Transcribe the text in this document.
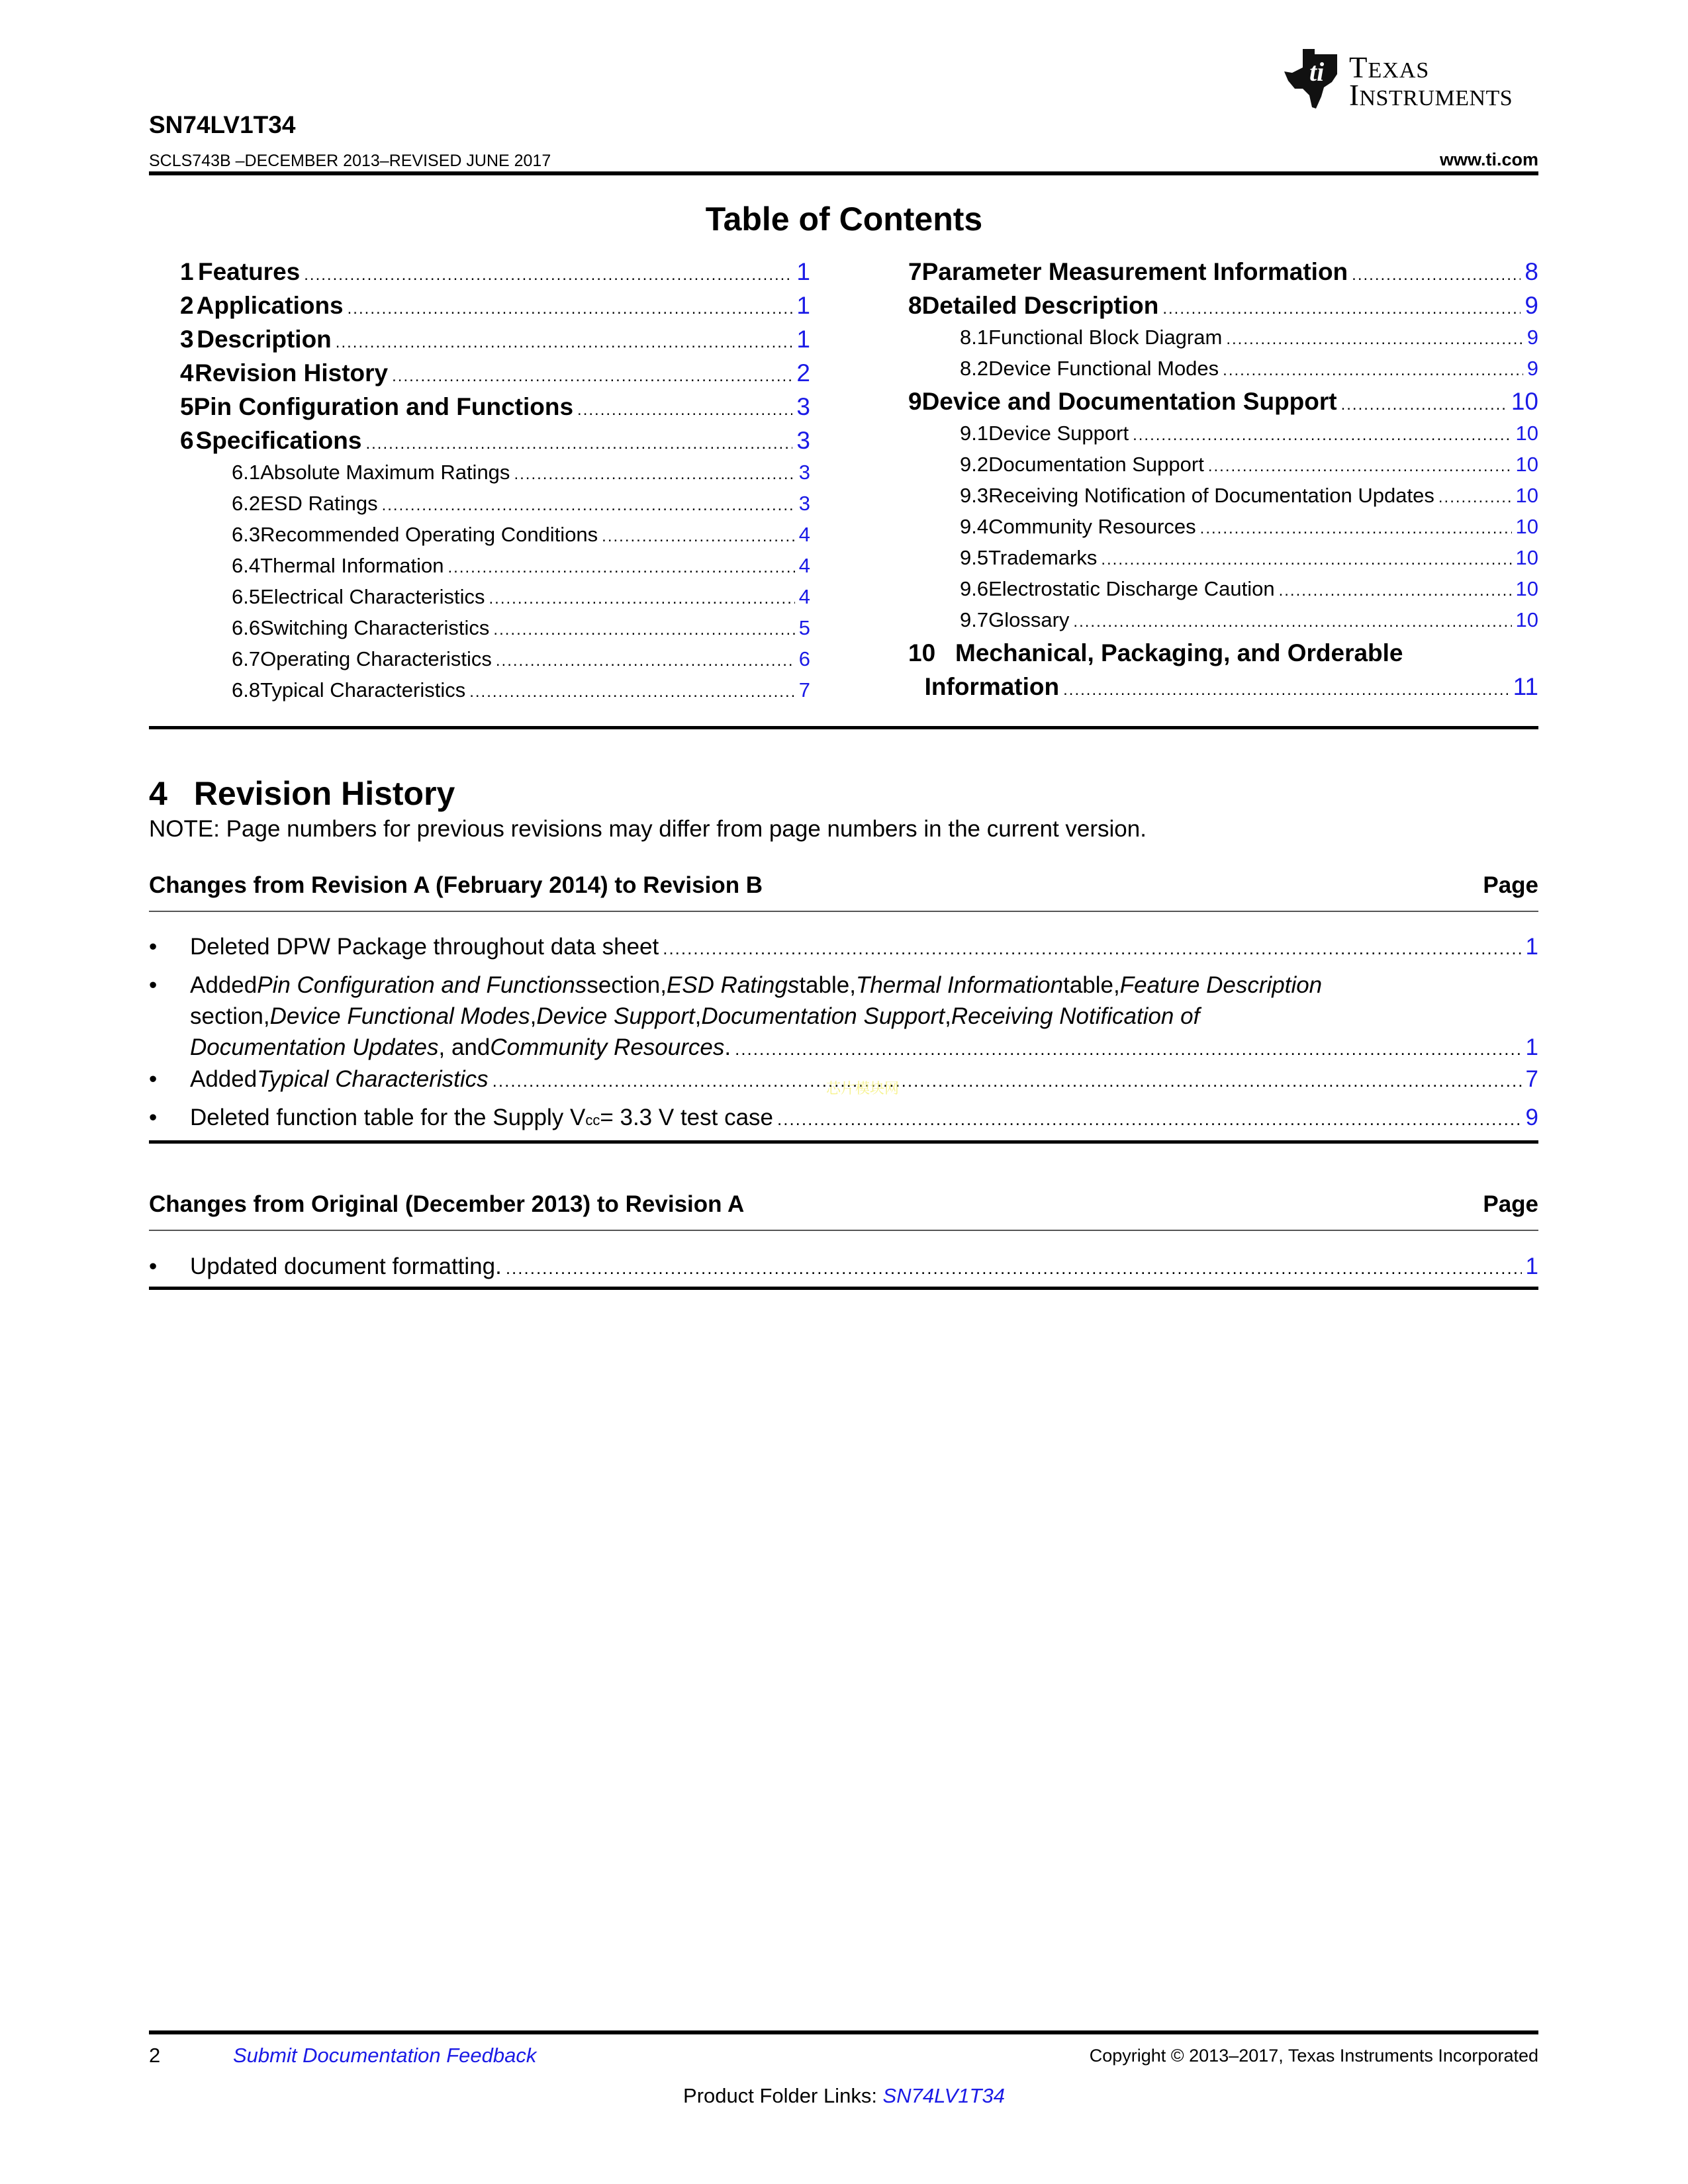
ti TEXAS
INSTRUMENTS
SN74LV1T34
SCLS743B –DECEMBER 2013–REVISED JUNE 2017	www.ti.com
Table of Contents
1 Features .....	1
2 Applications .....	1
3 Description .....	1
4 Revision History .....	2
5 Pin Configuration and Functions .....	3
6 Specifications .....	3
6.1 Absolute Maximum Ratings .....	3
6.2 ESD Ratings .....	3
6.3 Recommended Operating Conditions .....	4
6.4 Thermal Information .....	4
6.5 Electrical Characteristics .....	4
6.6 Switching Characteristics .....	5
6.7 Operating Characteristics .....	6
6.8 Typical Characteristics .....	7
7 Parameter Measurement Information .....	8
8 Detailed Description .....	9
8.1 Functional Block Diagram .....	9
8.2 Device Functional Modes .....	9
9 Device and Documentation Support .....	10
9.1 Device Support .....	10
9.2 Documentation Support .....	10
9.3 Receiving Notification of Documentation Updates .....	10
9.4 Community Resources .....	10
9.5 Trademarks .....	10
9.6 Electrostatic Discharge Caution .....	10
9.7 Glossary .....	10
10 Mechanical, Packaging, and Orderable
Information .....	11
4 Revision History
NOTE: Page numbers for previous revisions may differ from page numbers in the current version.
Changes from Revision A (February 2014) to Revision B	Page
• Deleted DPW Package throughout data sheet .....	1
• Added Pin Configuration and Functions section, ESD Ratings table, Thermal Information table, Feature Description
section, Device Functional Modes , Device Support , Documentation Support , Receiving Notification of
Documentation Updates , and Community Resources . .....	1
• Added Typical Characteristics .....	7
• Deleted function table for the Supply V cc = 3.3 V test case .....	9
Changes from Original (December 2013) to Revision A	Page
• Updated document formatting. .....	1
芯片模块网
2	Submit Documentation Feedback	Copyright © 2013–2017, Texas Instruments Incorporated
Product Folder Links: SN74LV1T34
